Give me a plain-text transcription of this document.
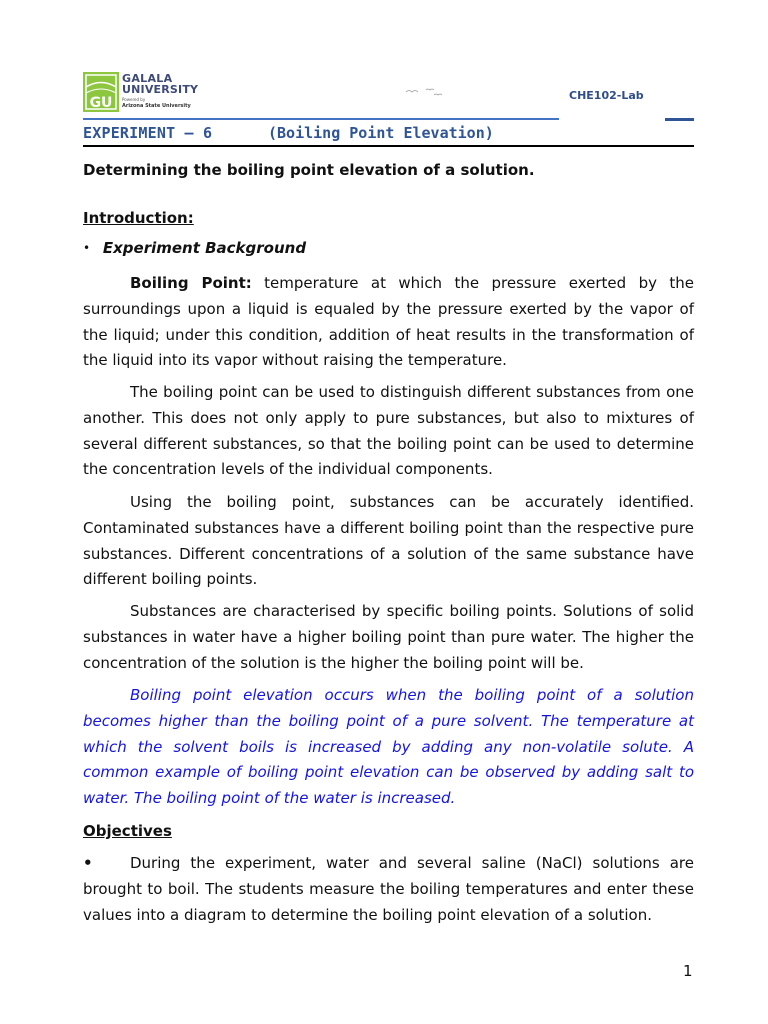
GU
GALALA
UNIVERSITY
Powered by
Arizona State University
CHE102-Lab
EXPERIMENT – 6	(Boiling Point Elevation)
Determining the boiling point elevation of a solution.
Introduction:
• Experiment Background
Boiling Point: temperature at which the pressure exerted by the surroundings upon a liquid is equaled by the pressure exerted by the vapor of the liquid; under this condition, addition of heat results in the transformation of the liquid into its vapor without raising the temperature.
The boiling point can be used to distinguish different substances from one another. This does not only apply to pure substances, but also to mixtures of several different substances, so that the boiling point can be used to determine the concentration levels of the individual components.
Using the boiling point, substances can be accurately identified. Contaminated substances have a different boiling point than the respective pure substances. Different concentrations of a solution of the same substance have different boiling points.
Substances are characterised by specific boiling points. Solutions of solid substances in water have a higher boiling point than pure water. The higher the concentration of the solution is the higher the boiling point will be.
Boiling point elevation occurs when the boiling point of a solution becomes higher than the boiling point of a pure solvent. The temperature at which the solvent boils is increased by adding any non-volatile solute. A common example of boiling point elevation can be observed by adding salt to water. The boiling point of the water is increased.
Objectives
• During the experiment, water and several saline (NaCl) solutions are brought to boil. The students measure the boiling temperatures and enter these values into a diagram to determine the boiling point elevation of a solution.
1
